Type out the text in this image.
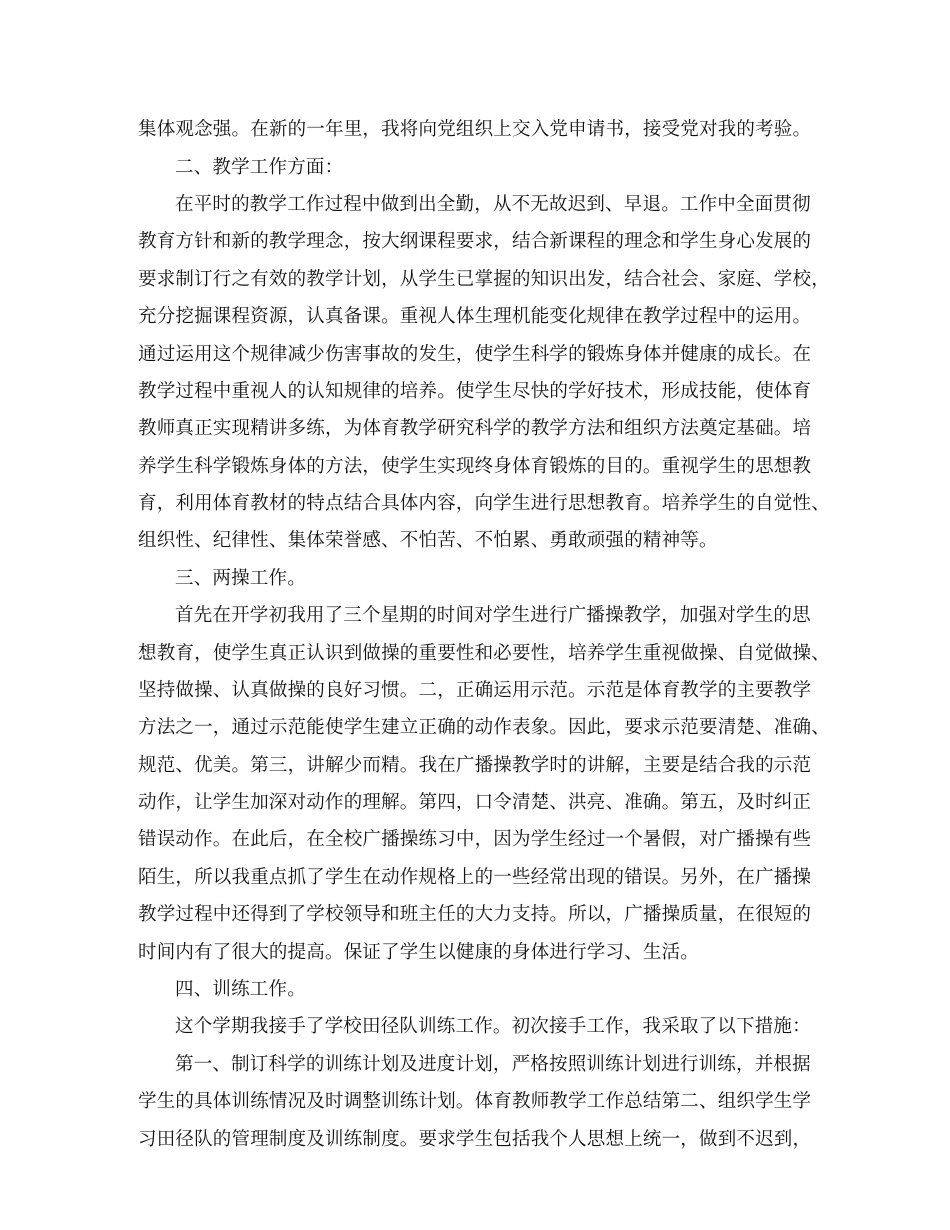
集体观念强。在新的一年里，我将向党组织上交入党申请书，接受党对我的考验。
二、教学工作方面：
在平时的教学工作过程中做到出全勤，从不无故迟到、早退。工作中全面贯彻
教育方针和新的教学理念，按大纲课程要求，结合新课程的理念和学生身心发展的
要求制订行之有效的教学计划，从学生已掌握的知识出发，结合社会、家庭、学校，
充分挖掘课程资源，认真备课。重视人体生理机能变化规律在教学过程中的运用。
通过运用这个规律减少伤害事故的发生，使学生科学的锻炼身体并健康的成长。在
教学过程中重视人的认知规律的培养。使学生尽快的学好技术，形成技能，使体育
教师真正实现精讲多练，为体育教学研究科学的教学方法和组织方法奠定基础。培
养学生科学锻炼身体的方法，使学生实现终身体育锻炼的目的。重视学生的思想教
育，利用体育教材的特点结合具体内容，向学生进行思想教育。培养学生的自觉性、
组织性、纪律性、集体荣誉感、不怕苦、不怕累、勇敢顽强的精神等。
三、两操工作。
首先在开学初我用了三个星期的时间对学生进行广播操教学，加强对学生的思
想教育，使学生真正认识到做操的重要性和必要性，培养学生重视做操、自觉做操、
坚持做操、认真做操的良好习惯。二，正确运用示范。示范是体育教学的主要教学
方法之一，通过示范能使学生建立正确的动作表象。因此，要求示范要清楚、准确、
规范、优美。第三，讲解少而精。我在广播操教学时的讲解，主要是结合我的示范
动作，让学生加深对动作的理解。第四，口令清楚、洪亮、准确。第五，及时纠正
错误动作。在此后，在全校广播操练习中，因为学生经过一个暑假，对广播操有些
陌生，所以我重点抓了学生在动作规格上的一些经常出现的错误。另外，在广播操
教学过程中还得到了学校领导和班主任的大力支持。所以，广播操质量，在很短的
时间内有了很大的提高。保证了学生以健康的身体进行学习、生活。
四、训练工作。
这个学期我接手了学校田径队训练工作。初次接手工作，我采取了以下措施：
第一、制订科学的训练计划及进度计划，严格按照训练计划进行训练，并根据
学生的具体训练情况及时调整训练计划。体育教师教学工作总结第二、组织学生学
习田径队的管理制度及训练制度。要求学生包括我个人思想上统一，做到不迟到，
